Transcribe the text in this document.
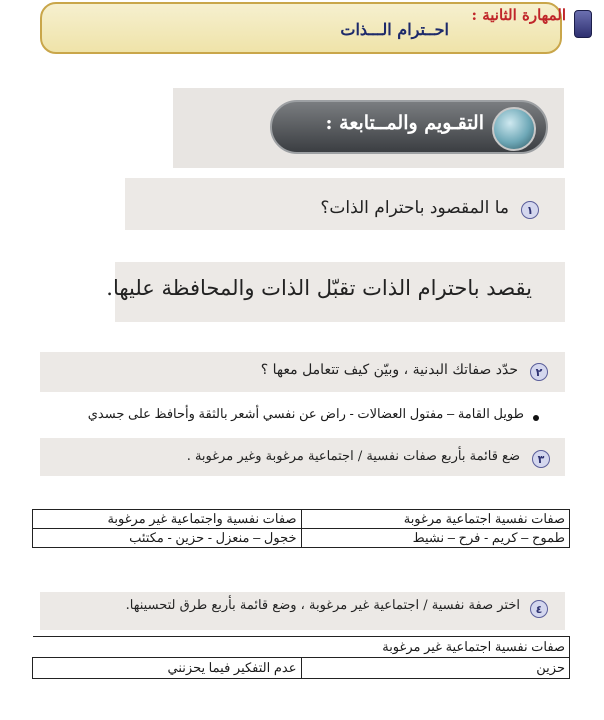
المهارة الثانية :
احــترام الـــذات
التقـويم والمــتابعة :
١
ما المقصود باحترام الذات؟
يقصد باحترام الذات تقبّل الذات والمحافظة عليها.
٢
حدّد صفاتك البدنية ، وبيّن كيف تتعامل معها ؟
طويل القامة – مفتول العضالات - راض عن نفسي أشعر بالثقة وأحافظ على جسدي
٣
ضع قائمة بأربع صفات نفسية / اجتماعية مرغوبة وغير مرغوبة .
صفات نفسية اجتماعية مرغوبة	صفات نفسية واجتماعية غير مرغوبة
طموح – كريم - فرح – نشيط	خجول – منعزل - حزين - مكتئب
٤
اختر صفة نفسية / اجتماعية غير مرغوبة ، وضع قائمة بأربع طرق لتحسينها.
صفات نفسية اجتماعية غير مرغوبة	
حزين	عدم التفكير فيما يحزنني
